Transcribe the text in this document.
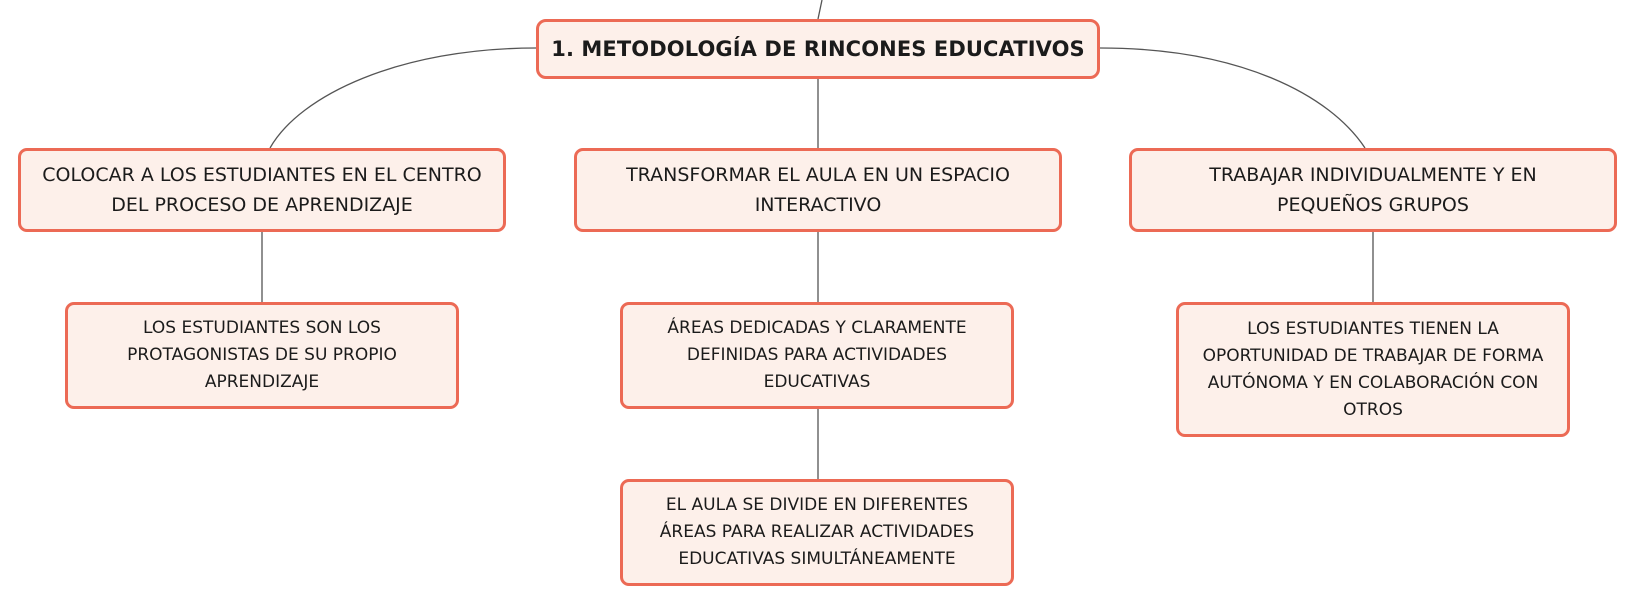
1. METODOLOGÍA DE RINCONES EDUCATIVOS
COLOCAR A LOS ESTUDIANTES EN EL CENTRO DEL PROCESO DE APRENDIZAJE
TRANSFORMAR EL AULA EN UN ESPACIO INTERACTIVO
TRABAJAR INDIVIDUALMENTE Y EN PEQUEÑOS GRUPOS
LOS ESTUDIANTES SON LOS PROTAGONISTAS DE SU PROPIO APRENDIZAJE
ÁREAS DEDICADAS Y CLARAMENTE DEFINIDAS PARA ACTIVIDADES EDUCATIVAS
EL AULA SE DIVIDE EN DIFERENTES ÁREAS PARA REALIZAR ACTIVIDADES EDUCATIVAS SIMULTÁNEAMENTE
LOS ESTUDIANTES TIENEN LA OPORTUNIDAD DE TRABAJAR DE FORMA AUTÓNOMA Y EN COLABORACIÓN CON OTROS
